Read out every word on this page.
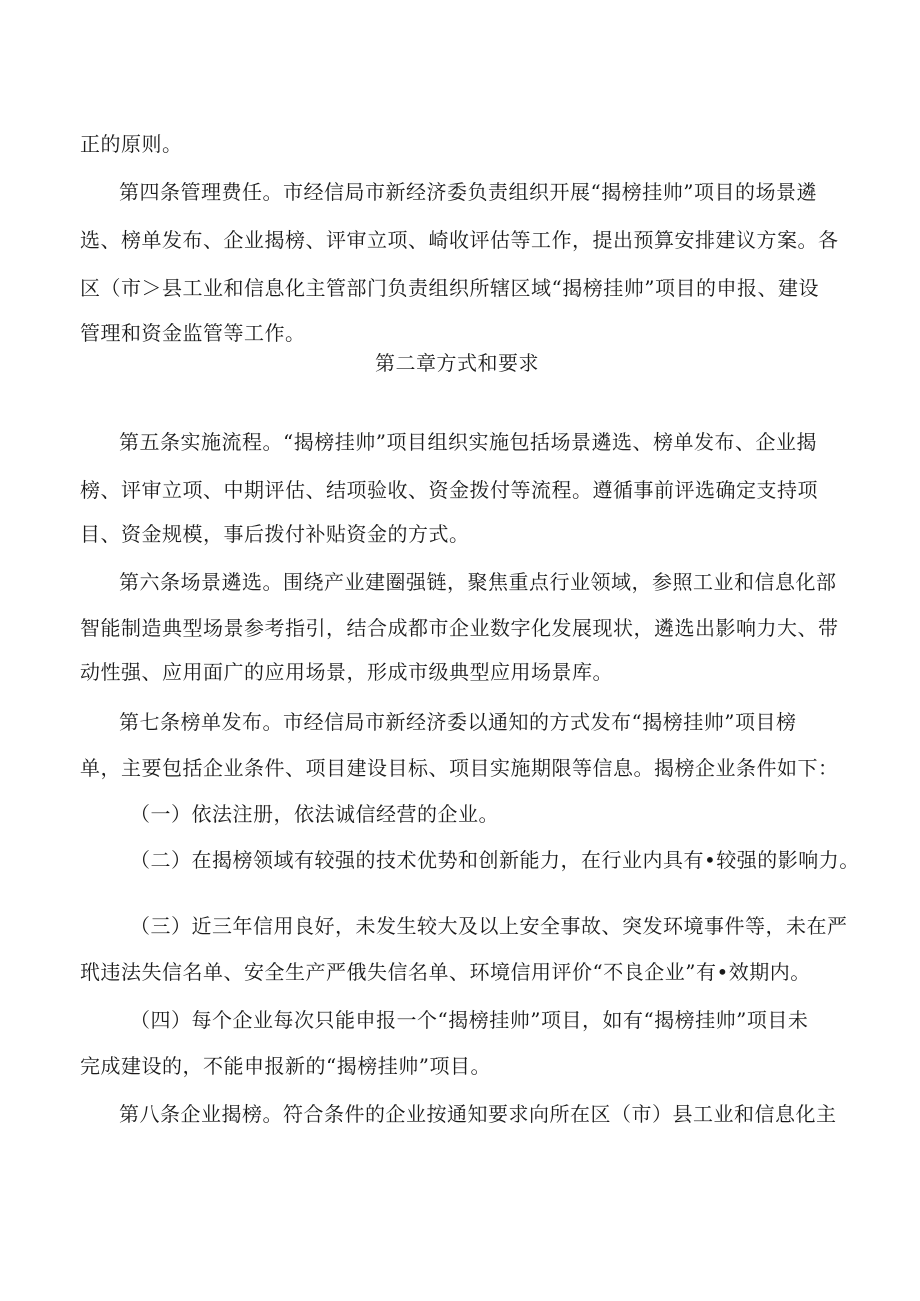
正的原则。
第四条管理费任。市经信局市新经济委负责组织开展“揭榜挂帅”项目的场景遴
选、榜单发布、企业揭榜、评审立项、崎收评估等工作，提出预算安排建议方案。各
区（市＞县工业和信息化主管部门负责组织所辖区域“揭榜挂帅”项目的申报、建设
管理和资金监管等工作。
第二章方式和要求
第五条实施流程。“揭榜挂帅”项目组织实施包括场景遴选、榜单发布、企业揭
榜、评审立项、中期评估、结项验收、资金拨付等流程。遵循事前评选确定支持项
目、资金规模，事后拨付补贴资金的方式。
第六条场景遴选。围绕产业建圈强链，聚焦重点行业领域，参照工业和信息化部
智能制造典型场景参考指引，结合成都市企业数字化发展现状，遴选出影响力大、带
动性强、应用面广的应用场景，形成市级典型应用场景库。
第七条榜单发布。市经信局市新经济委以通知的方式发布“揭榜挂帅”项目榜
单，主要包括企业条件、项目建设目标、项目实施期限等信息。揭榜企业条件如下：
（一）依法注册，依法诚信经营的企业。
（二）在揭榜领域有较强的技术优势和创新能力，在行业内具有•较强的影响力。
（三）近三年信用良好，未发生较大及以上安全事故、突发环境事件等，未在严
玳违法失信名单、安全生产严俄失信名单、环境信用评价“不良企业”有•效期内。
（四）每个企业每次只能申报一个“揭榜挂帅”项目，如有“揭榜挂帅”项目未
完成建设的，不能申报新的“揭榜挂帅”项目。
第八条企业揭榜。符合条件的企业按通知要求向所在区（市）县工业和信息化主
